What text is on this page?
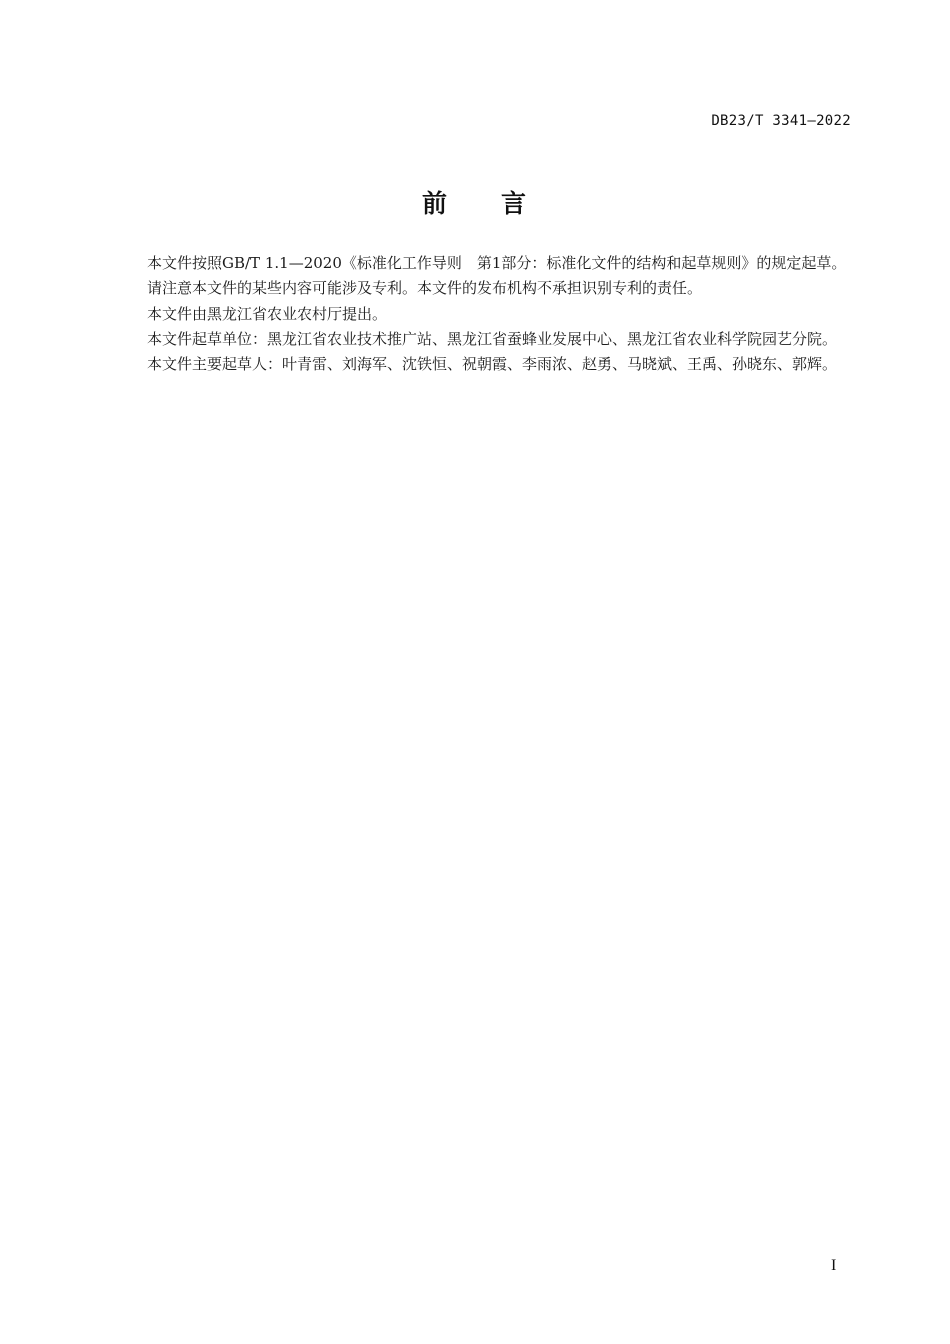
DB23/T 3341—2022
前 言

本文件按照GB/T 1.1—2020《标准化工作导则　第1部分：标准化文件的结构和起草规则》的规定起草。

请注意本文件的某些内容可能涉及专利。本文件的发布机构不承担识别专利的责任。

本文件由黑龙江省农业农村厅提出。

本文件起草单位：黑龙江省农业技术推广站、黑龙江省蚕蜂业发展中心、黑龙江省农业科学院园艺分院。

本文件主要起草人：叶青雷、刘海军、沈铁恒、祝朝霞、李雨浓、赵勇、马晓斌、王禹、孙晓东、郭辉。

I
